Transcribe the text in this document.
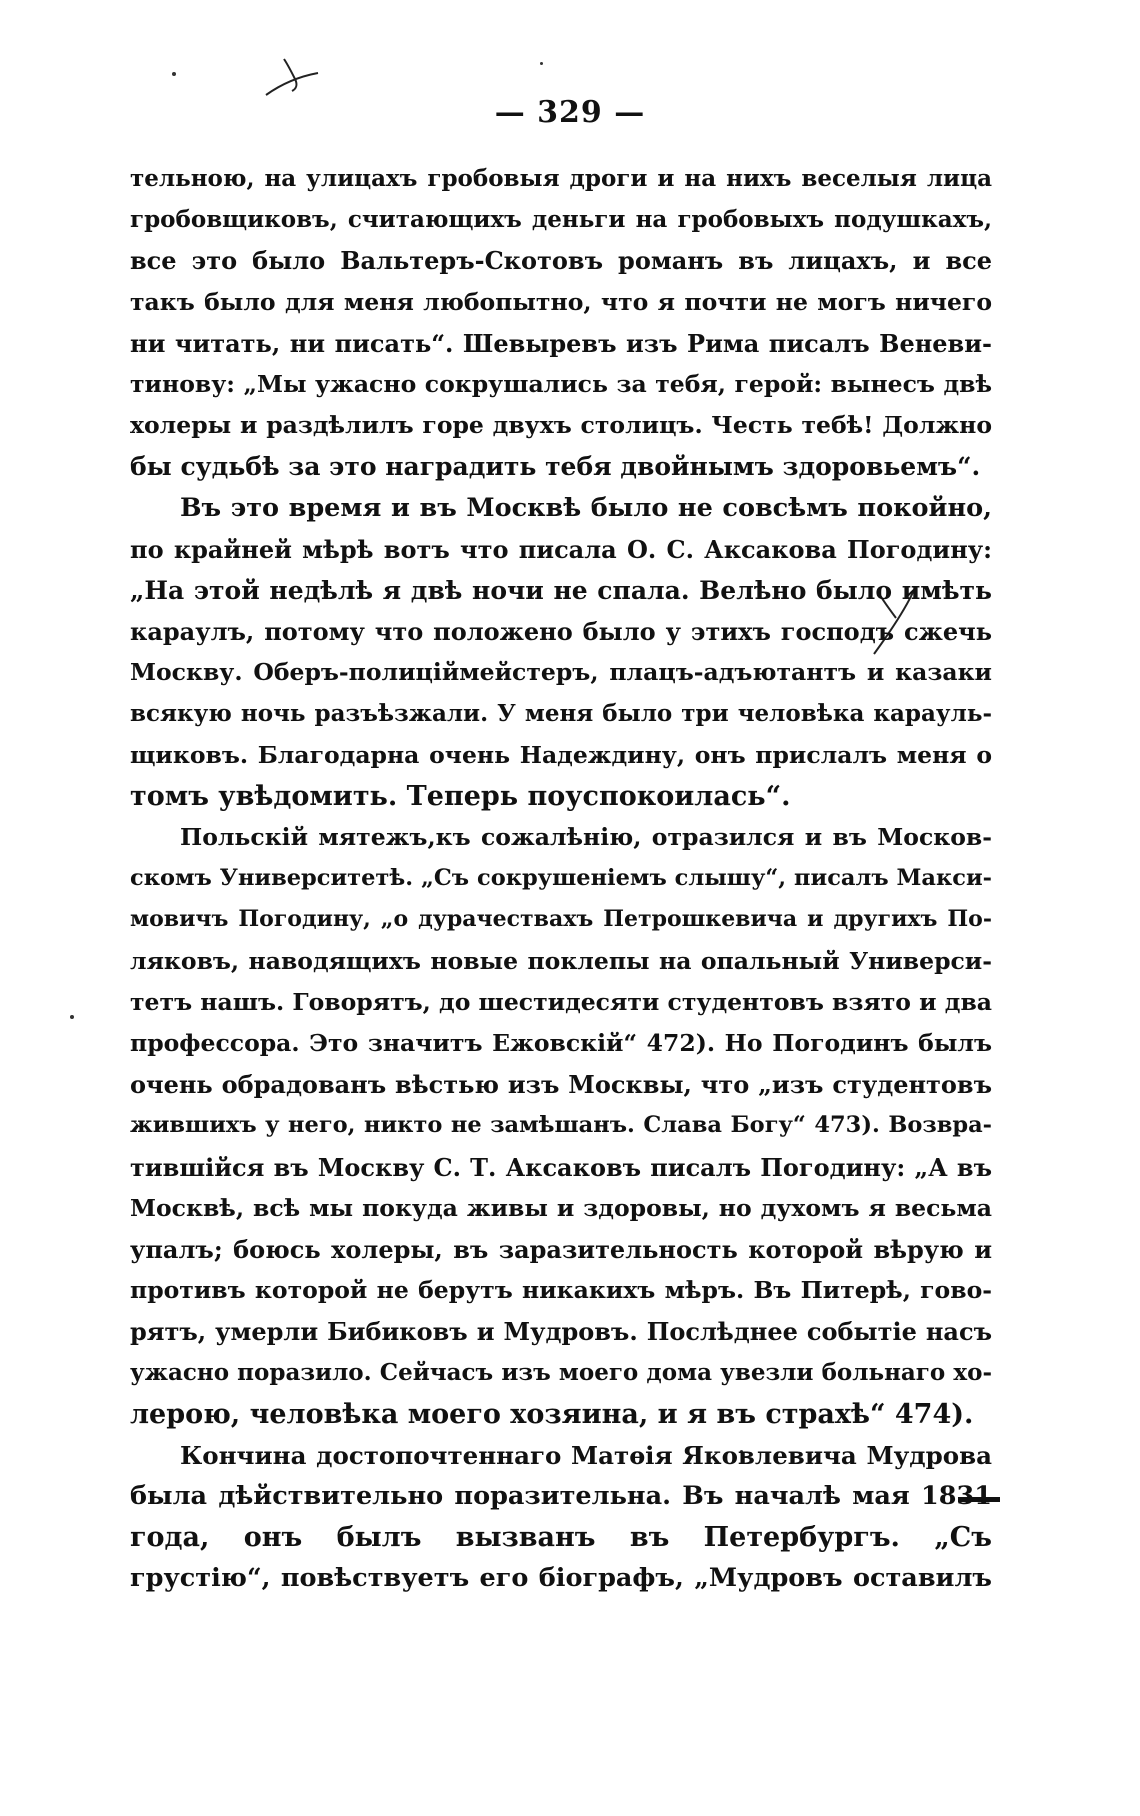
— 329 —
тельною, на улицахъ гробовыя дроги и на нихъ веселыя лица
гробовщиковъ, считающихъ деньги на гробовыхъ подушкахъ,
все это было Вальтеръ-Скотовъ романъ въ лицахъ, и все
такъ было для меня любопытно, что я почти не могъ ничего
ни читать, ни писать“. Шевыревъ изъ Рима писалъ Веневи-
тинову: „Мы ужасно сокрушались за тебя, герой: вынесъ двѣ
холеры и раздѣлилъ горе двухъ столицъ. Честь тебѣ! Должно
бы судьбѣ за это наградить тебя двойнымъ здоровьемъ“.
Въ это время и въ Москвѣ было не совсѣмъ покойно,
по крайней мѣрѣ вотъ что писала О. С. Аксакова Погодину:
„На этой недѣлѣ я двѣ ночи не спала. Велѣно было имѣть
караулъ, потому что положено было у этихъ господъ сжечь
Москву. Оберъ-полицiймейстеръ, плацъ-адъютантъ и казаки
всякую ночь разъѣзжали. У меня было три человѣка карауль-
щиковъ. Благодарна очень Надеждину, онъ прислалъ меня о
томъ увѣдомить. Теперь поуспокоилась“.
Польскiй мятежъ,къ сожалѣнiю, отразился и въ Москов-
скомъ Университетѣ. „Съ сокрушенiемъ слышу“, писалъ Макси-
мовичъ Погодину, „о дурачествахъ Петрошкевича и другихъ По-
ляковъ, наводящихъ новые поклепы на опальный Универси-
тетъ нашъ. Говорятъ, до шестидесяти студентовъ взято и два
профессора. Это значитъ Ежовскiй“ 472). Но Погодинъ былъ
очень обрадованъ вѣстью изъ Москвы, что „изъ студентовъ
жившихъ у него, никто не замѣшанъ. Слава Богу“ 473). Возвра-
тившiйся въ Москву С. Т. Аксаковъ писалъ Погодину: „А въ
Москвѣ, всѣ мы покуда живы и здоровы, но духомъ я весьма
упалъ; боюсь холеры, въ заразительность которой вѣрую и
противъ которой не берутъ никакихъ мѣръ. Въ Питерѣ, гово-
рятъ, умерли Бибиковъ и Мудровъ. Послѣднее событiе насъ
ужасно поразило. Сейчасъ изъ моего дома увезли больнаго хо-
лерою, человѣка моего хозяина, и я въ страхѣ“ 474).
Кончина достопочтеннаго Матѳія Яковлевича Мудрова
была дѣйствительно поразительна. Въ началѣ мая 1831
года, онъ былъ вызванъ въ Петербургъ. „Съ
грустiю“, повѣствуетъ его бiографъ, „Мудровъ оставилъ
